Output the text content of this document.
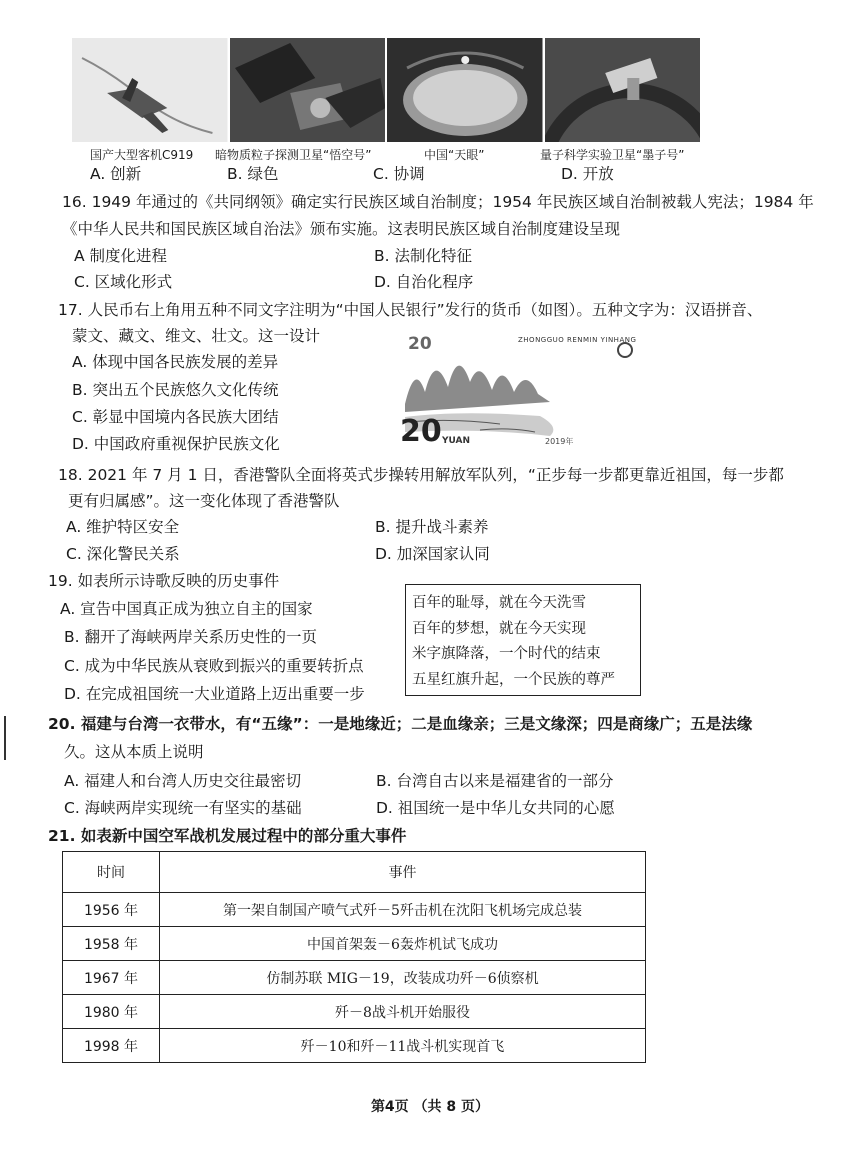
国产大型客机C919 暗物质粒子探测卫星“悟空号”	中国“天眼”	量子科学实验卫星“墨子号”
A. 创新	B. 绿色	C. 协调	D. 开放
16. 1949 年通过的《共同纲领》确定实行民族区域自治制度；1954 年民族区域自治制被载人宪法；1984 年
《中华人民共和国民族区域自治法》颁布实施。这表明民族区域自治制度建设呈现
A 制度化进程	B. 法制化特征
C. 区域化形式	D. 自治化程序
17. 人民币右上角用五种不同文字注明为“中国人民银行”发行的货币（如图）。五种文字为：汉语拼音、
蒙文、藏文、维文、壮文。这一设计
A. 体现中国各民族发展的差异
B. 突出五个民族悠久文化传统
C. 彰显中国境内各民族大团结
D. 中国政府重视保护民族文化
20	ZHONGGUO RENMIN YINHANG
20 YUAN	2019年
18. 2021 年 7 月 1 日，香港警队全面将英式步操转用解放军队列，“正步每一步都更靠近祖国，每一步都
更有归属感”。这一变化体现了香港警队
A. 维护特区安全	B. 提升战斗素养
C. 深化警民关系	D. 加深国家认同
19. 如表所示诗歌反映的历史事件
A. 宣告中国真正成为独立自主的国家
B. 翻开了海峡两岸关系历史性的一页
C. 成为中华民族从衰败到振兴的重要转折点
D. 在完成祖国统一大业道路上迈出重要一步
百年的耻辱，就在今天洗雪
百年的梦想，就在今天实现
米字旗降落，一个时代的结束
五星红旗升起，一个民族的尊严
20. 福建与台湾一衣带水，有“五缘”：一是地缘近；二是血缘亲；三是文缘深；四是商缘广；五是法缘
久。这从本质上说明
A. 福建人和台湾人历史交往最密切	B. 台湾自古以来是福建省的一部分
C. 海峡两岸实现统一有坚实的基础	D. 祖国统一是中华儿女共同的心愿
21. 如表新中国空军战机发展过程中的部分重大事件
时间	事件
1956 年	第一架自制国产喷气式歼－5歼击机在沈阳飞机场完成总装
1958 年	中国首架轰－6轰炸机试飞成功
1967 年	仿制苏联 MIG－19，改装成功歼－6侦察机
1980 年	歼－8战斗机开始服役
1998 年	歼－10和歼－11战斗机实现首飞
第4页 （共 8 页）
